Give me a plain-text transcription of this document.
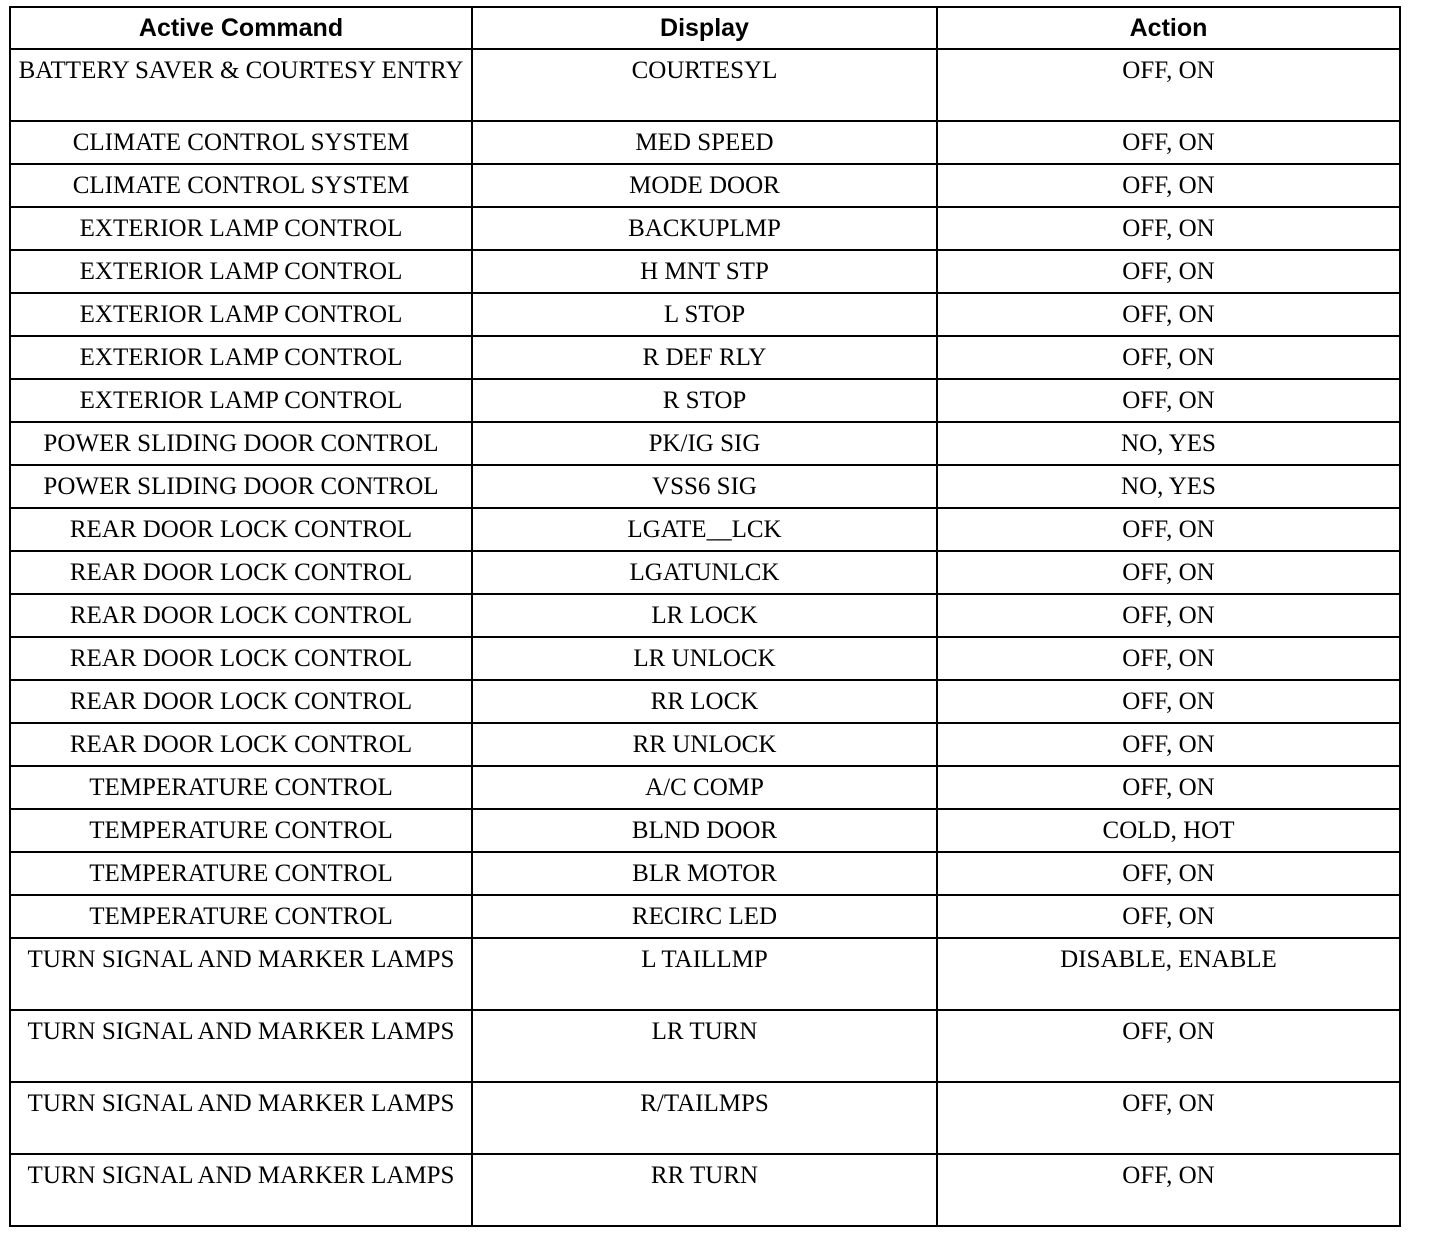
Active Command	Display	Action
BATTERY SAVER & COURTESY ENTRY	COURTESYL	OFF, ON
CLIMATE CONTROL SYSTEM	MED SPEED	OFF, ON
CLIMATE CONTROL SYSTEM	MODE DOOR	OFF, ON
EXTERIOR LAMP CONTROL	BACKUPLMP	OFF, ON
EXTERIOR LAMP CONTROL	H MNT STP	OFF, ON
EXTERIOR LAMP CONTROL	L STOP	OFF, ON
EXTERIOR LAMP CONTROL	R DEF RLY	OFF, ON
EXTERIOR LAMP CONTROL	R STOP	OFF, ON
POWER SLIDING DOOR CONTROL	PK/IG SIG	NO, YES
POWER SLIDING DOOR CONTROL	VSS6 SIG	NO, YES
REAR DOOR LOCK CONTROL	LGATE__LCK	OFF, ON
REAR DOOR LOCK CONTROL	LGATUNLCK	OFF, ON
REAR DOOR LOCK CONTROL	LR LOCK	OFF, ON
REAR DOOR LOCK CONTROL	LR UNLOCK	OFF, ON
REAR DOOR LOCK CONTROL	RR LOCK	OFF, ON
REAR DOOR LOCK CONTROL	RR UNLOCK	OFF, ON
TEMPERATURE CONTROL	A/C COMP	OFF, ON
TEMPERATURE CONTROL	BLND DOOR	COLD, HOT
TEMPERATURE CONTROL	BLR MOTOR	OFF, ON
TEMPERATURE CONTROL	RECIRC LED	OFF, ON
TURN SIGNAL AND MARKER LAMPS	L TAILLMP	DISABLE, ENABLE
TURN SIGNAL AND MARKER LAMPS	LR TURN	OFF, ON
TURN SIGNAL AND MARKER LAMPS	R/TAILMPS	OFF, ON
TURN SIGNAL AND MARKER LAMPS	RR TURN	OFF, ON
